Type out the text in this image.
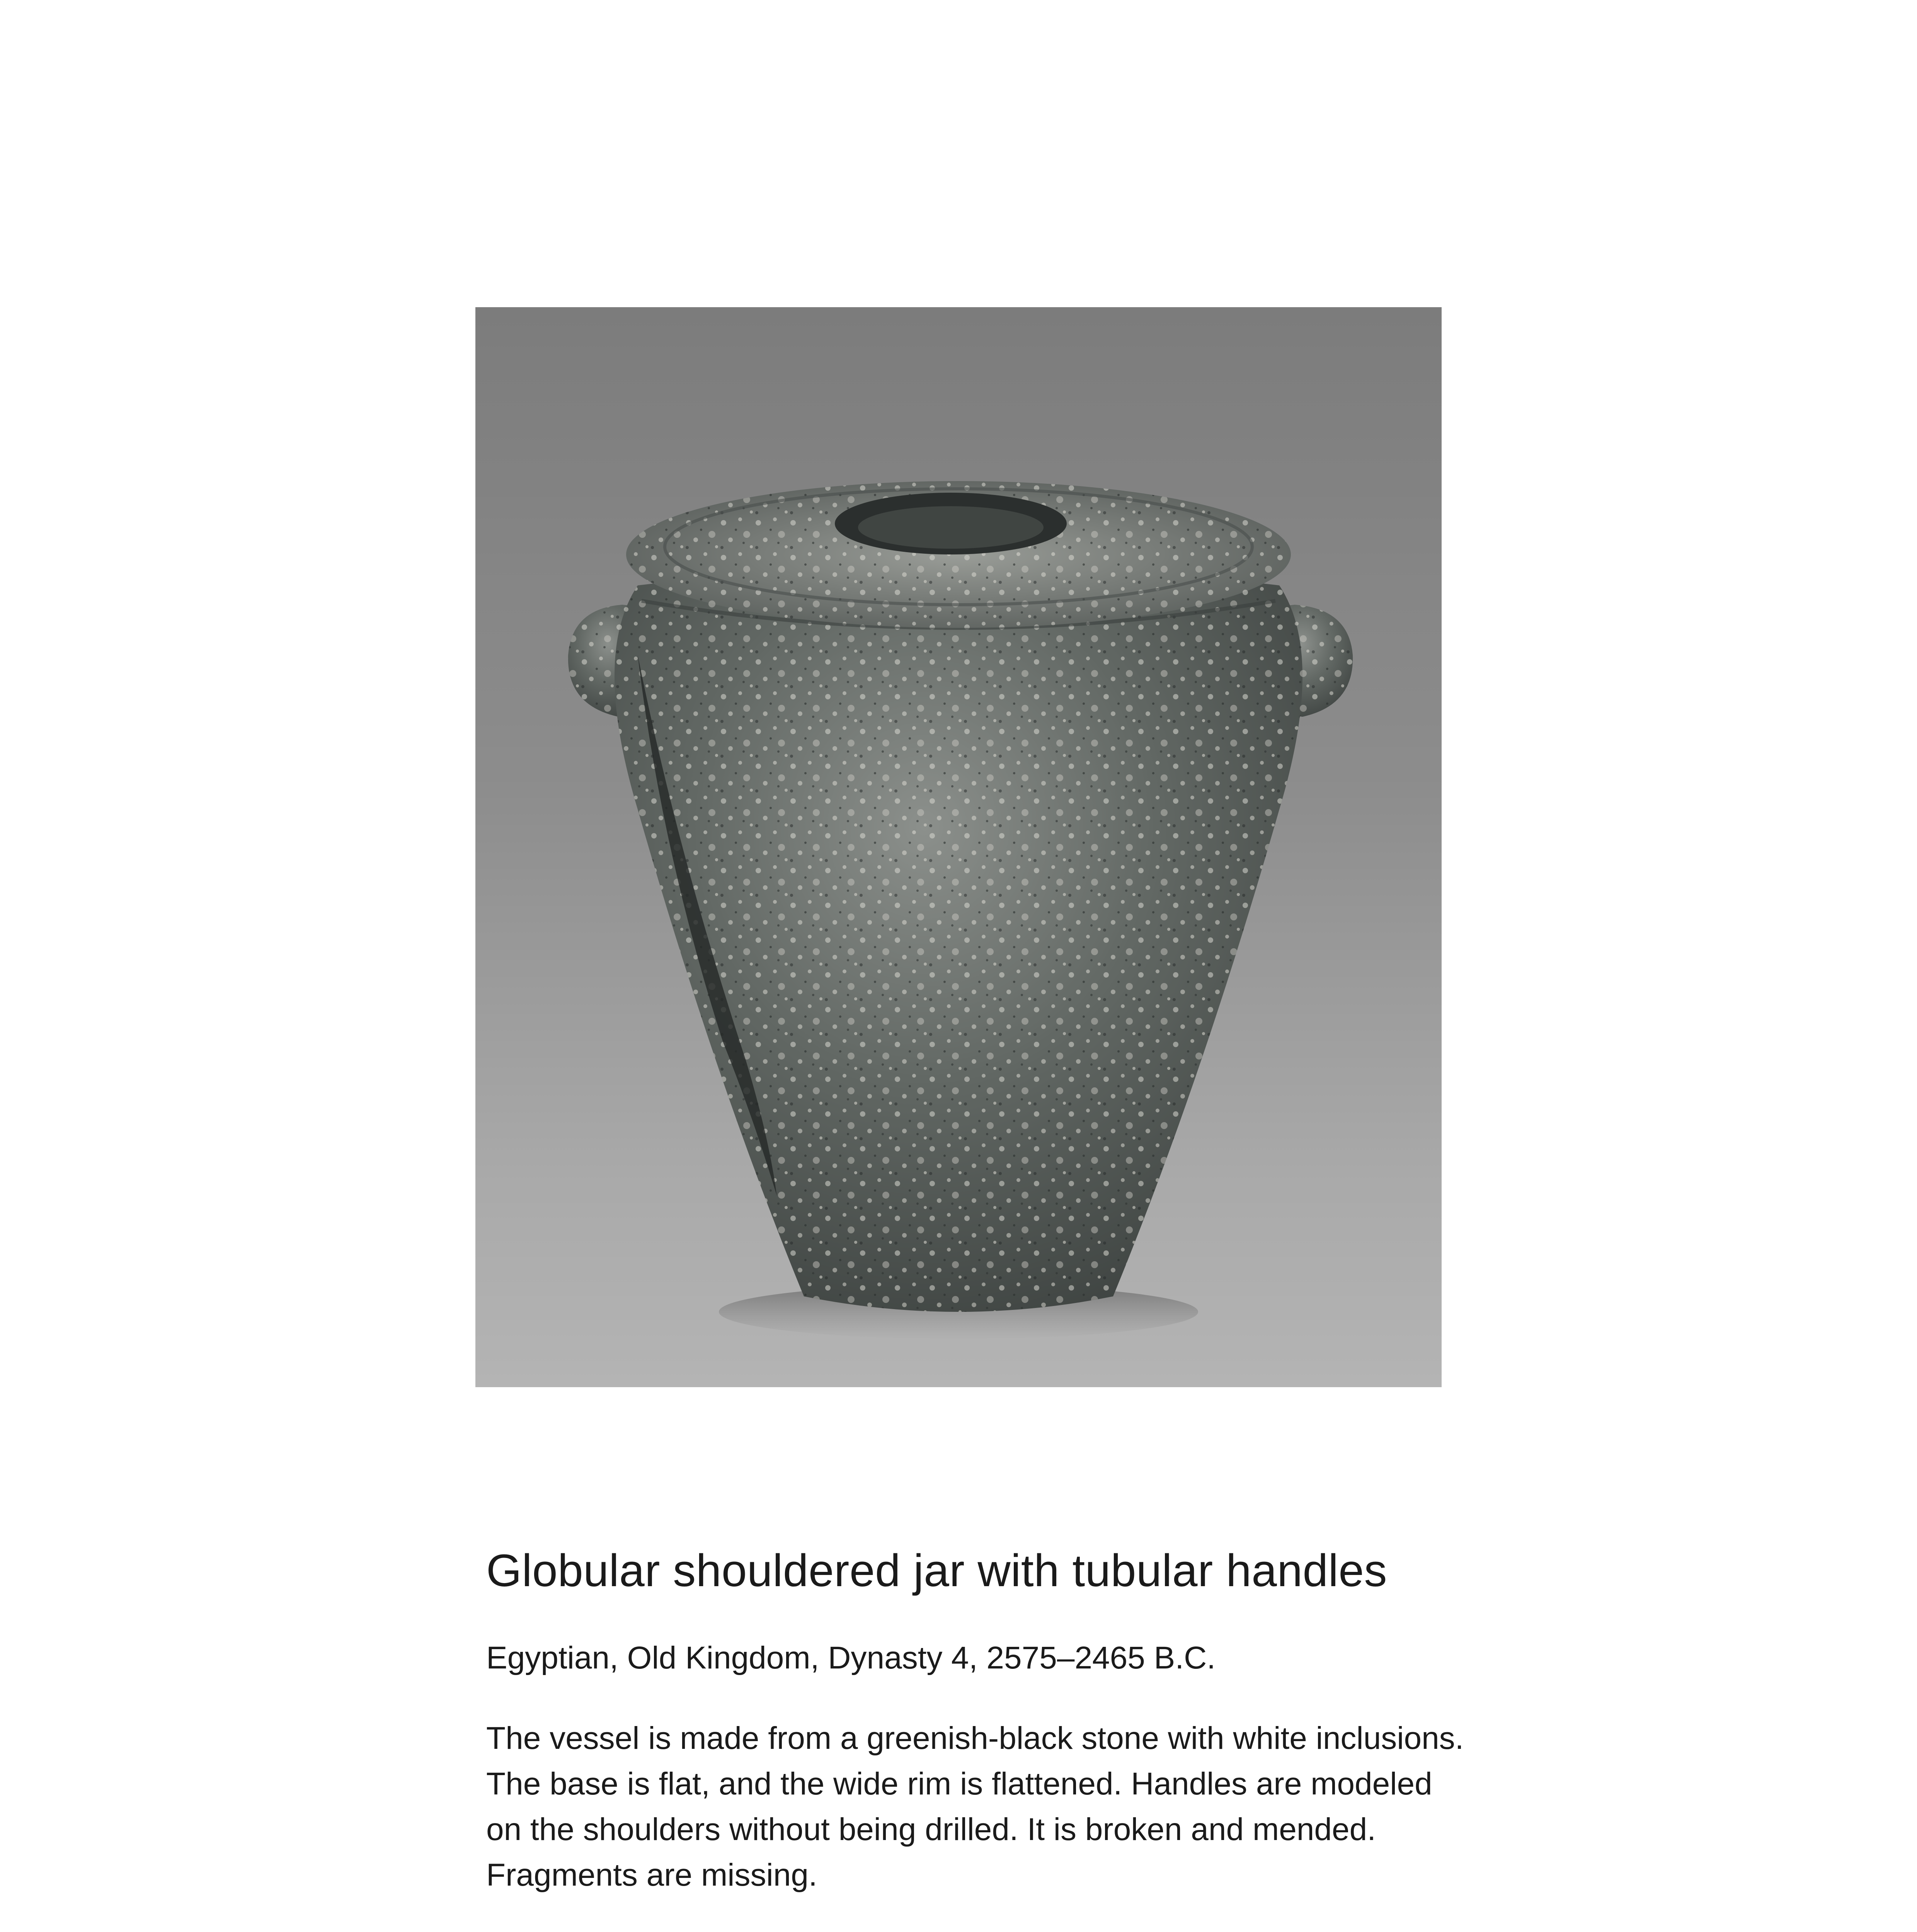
Globular shouldered jar with tubular handles

Egyptian, Old Kingdom, Dynasty 4, 2575–2465 B.C.

The vessel is made from a greenish-black stone with white inclusions. The base is flat, and the wide rim is flattened. Handles are modeled on the shoulders without being drilled. It is broken and mended. Fragments are missing.
